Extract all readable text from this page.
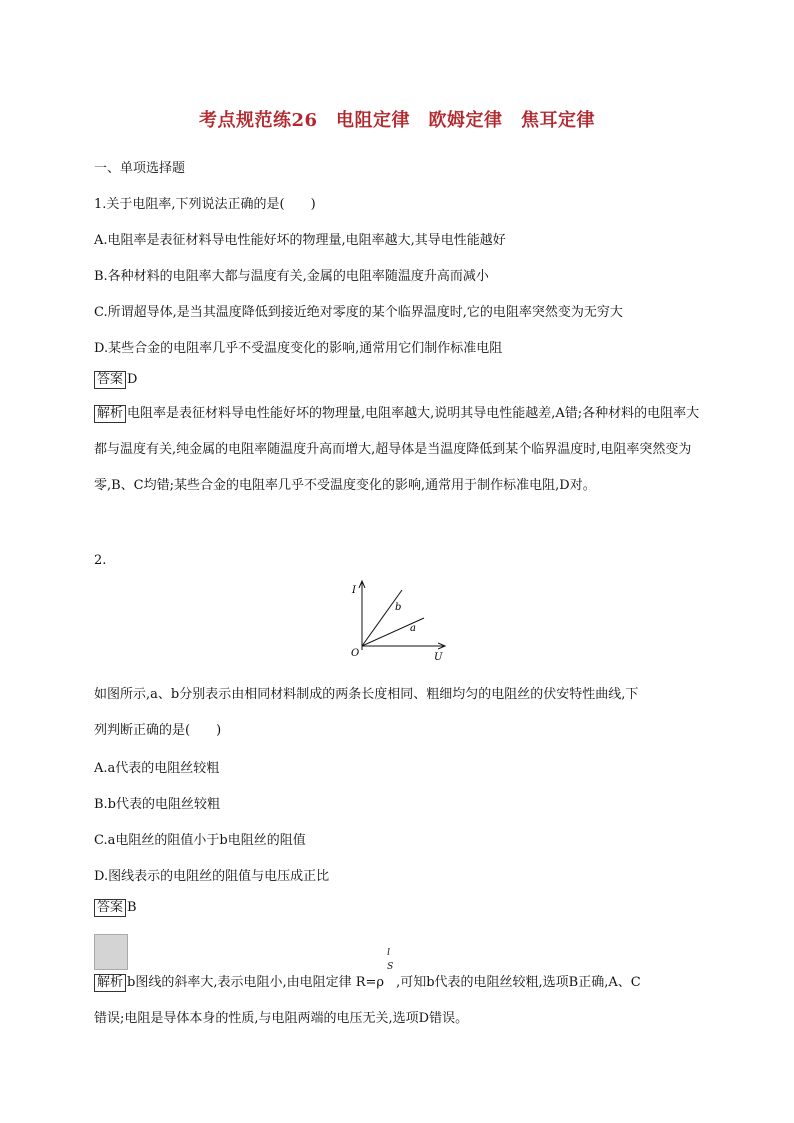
考点规范练26　电阻定律　欧姆定律　焦耳定律
一、单项选择题
1.关于电阻率,下列说法正确的是(　　)
A.电阻率是表征材料导电性能好坏的物理量,电阻率越大,其导电性能越好
B.各种材料的电阻率大都与温度有关,金属的电阻率随温度升高而减小
C.所谓超导体,是当其温度降低到接近绝对零度的某个临界温度时,它的电阻率突然变为无穷大
D.某些合金的电阻率几乎不受温度变化的影响,通常用它们制作标准电阻
答案 D
解析 电阻率是表征材料导电性能好坏的物理量,电阻率越大,说明其导电性能越差,A错;各种材料的电阻率大都与温度有关,纯金属的电阻率随温度升高而增大,超导体是当温度降低到某个临界温度时,电阻率突然变为零,B、C均错;某些合金的电阻率几乎不受温度变化的影响,通常用于制作标准电阻,D对。
2.
I
U
O
b
a
如图所示,a、b分别表示由相同材料制成的两条长度相同、粗细均匀的电阻丝的伏安特性曲线,下
列判断正确的是(　　)
A.a代表的电阻丝较粗
B.b代表的电阻丝较粗
C.a电阻丝的阻值小于b电阻丝的阻值
D.图线表示的电阻丝的阻值与电压成正比
答案 B
解析 b图线的斜率大,表示电阻小,由电阻定律 R=ρ
l
S
,可知b代表的电阻丝较粗,选项B正确,A、C
错误;电阻是导体本身的性质,与电阻两端的电压无关,选项D错误。
